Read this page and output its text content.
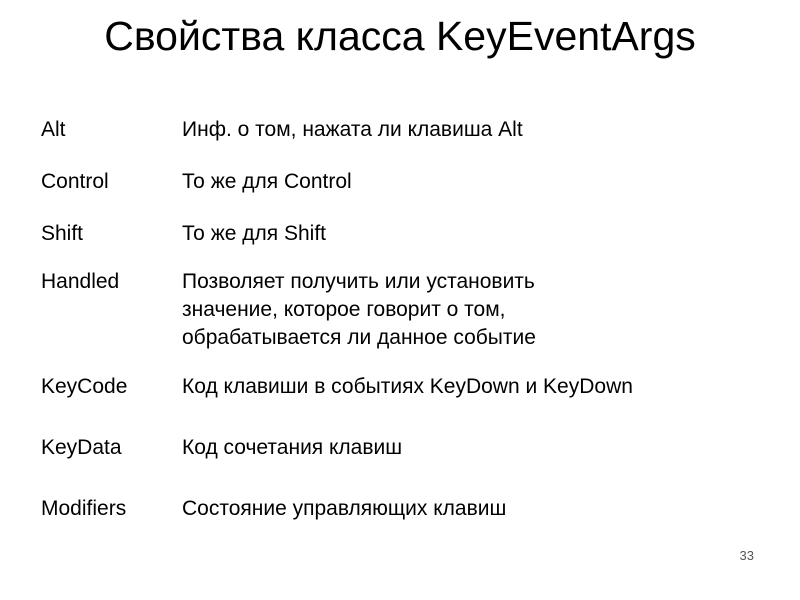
Свойства класса KeyEventArgs
Alt	Инф. о том, нажата ли клавиша Alt
Control	То же для Control
Shift	То же для Shift
Handled	Позволяет получить или установить
значение, которое говорит о том,
обрабатывается ли данное событие
KeyCode	Код клавиши в событиях KeyDown и KeyDown
KeyData	Код сочетания клавиш
Modifiers	Состояние управляющих клавиш
33
